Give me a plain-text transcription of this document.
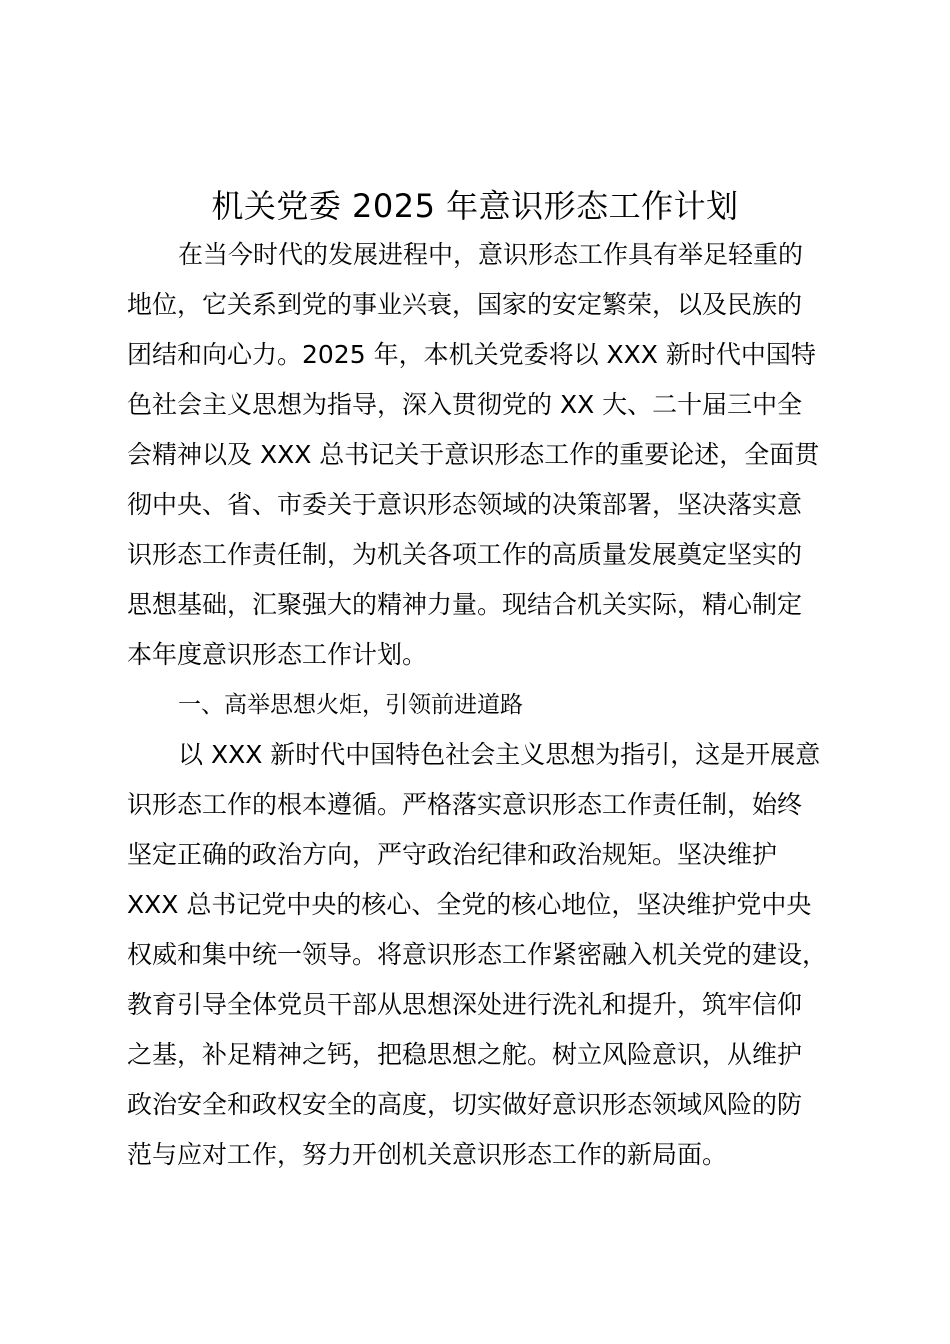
机关党委 2025 年意识形态工作计划

在当今时代的发展进程中，意识形态工作具有举足轻重的

地位，它关系到党的事业兴衰，国家的安定繁荣，以及民族的

团结和向心力。2025 年，本机关党委将以 XXX 新时代中国特

色社会主义思想为指导，深入贯彻党的 XX 大、二十届三中全

会精神以及 XXX 总书记关于意识形态工作的重要论述，全面贯

彻中央、省、市委关于意识形态领域的决策部署，坚决落实意

识形态工作责任制，为机关各项工作的高质量发展奠定坚实的

思想基础，汇聚强大的精神力量。现结合机关实际，精心制定

本年度意识形态工作计划。

一、高举思想火炬，引领前进道路

以 XXX 新时代中国特色社会主义思想为指引，这是开展意

识形态工作的根本遵循。严格落实意识形态工作责任制，始终

坚定正确的政治方向，严守政治纪律和政治规矩。坚决维护

XXX 总书记党中央的核心、全党的核心地位，坚决维护党中央

权威和集中统一领导。将意识形态工作紧密融入机关党的建设，

教育引导全体党员干部从思想深处进行洗礼和提升，筑牢信仰

之基，补足精神之钙，把稳思想之舵。树立风险意识，从维护

政治安全和政权安全的高度，切实做好意识形态领域风险的防

范与应对工作，努力开创机关意识形态工作的新局面。
